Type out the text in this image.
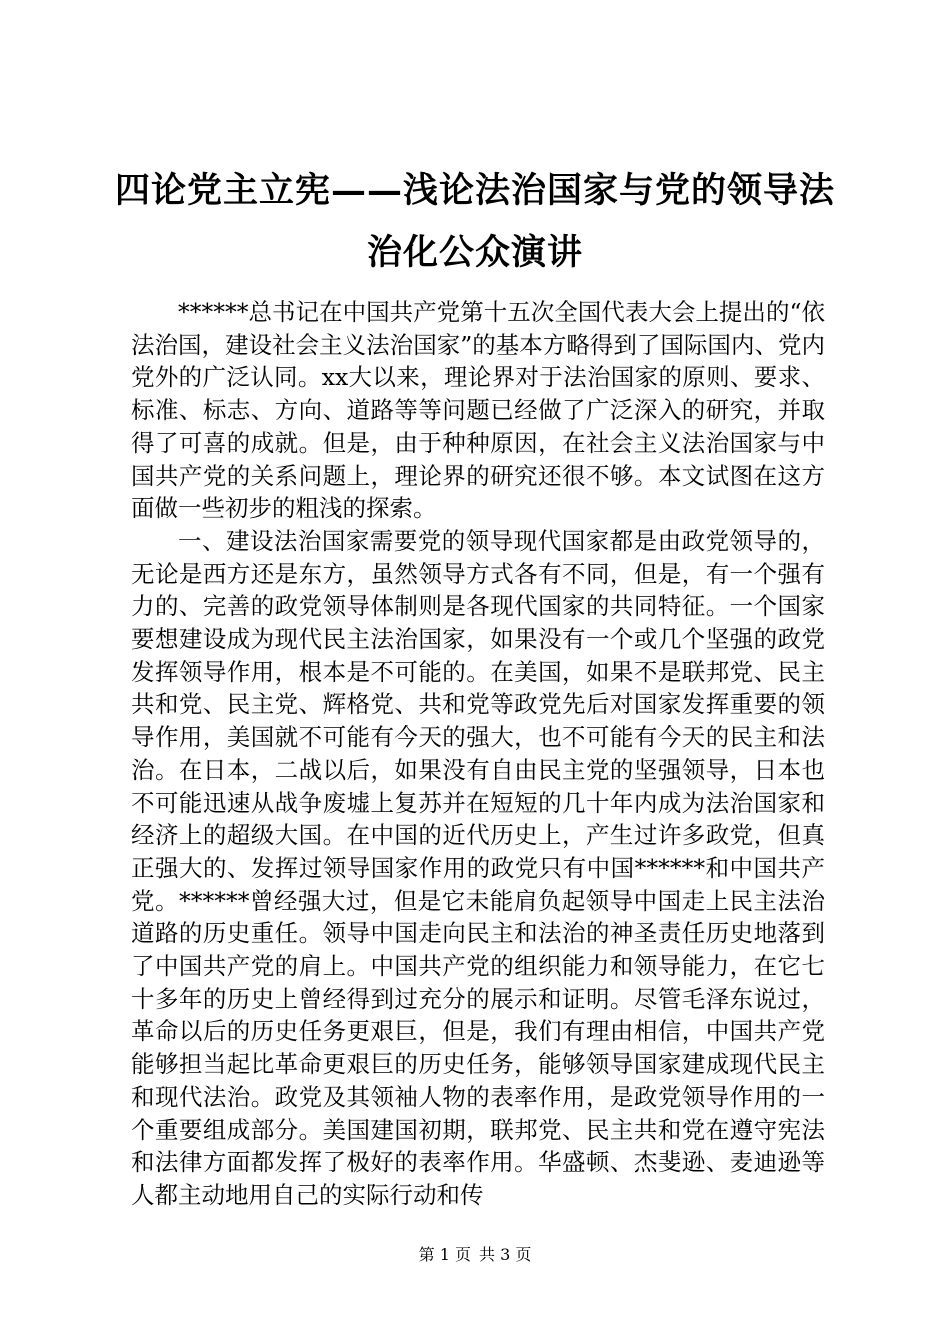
四论党主立宪——浅论法治国家与党的领导法
治化公众演讲

******总书记在中国共产党第十五次全国代表大会上提出的“依法治国，建设社会主义法治国家”的基本方略得到了国际国内、党内党外的广泛认同。xx大以来，理论界对于法治国家的原则、要求、标准、标志、方向、道路等等问题已经做了广泛深入的研究，并取得了可喜的成就。但是，由于种种原因，在社会主义法治国家与中国共产党的关系问题上，理论界的研究还很不够。本文试图在这方面做一些初步的粗浅的探索。

一、建设法治国家需要党的领导现代国家都是由政党领导的，无论是西方还是东方，虽然领导方式各有不同，但是，有一个强有力的、完善的政党领导体制则是各现代国家的共同特征。一个国家要想建设成为现代民主法治国家，如果没有一个或几个坚强的政党发挥领导作用，根本是不可能的。在美国，如果不是联邦党、民主共和党、民主党、辉格党、共和党等政党先后对国家发挥重要的领导作用，美国就不可能有今天的强大，也不可能有今天的民主和法治。在日本，二战以后，如果没有自由民主党的坚强领导，日本也不可能迅速从战争废墟上复苏并在短短的几十年内成为法治国家和经济上的超级大国。在中国的近代历史上，产生过许多政党，但真正强大的、发挥过领导国家作用的政党只有中国******和中国共产党。******曾经强大过，但是它未能肩负起领导中国走上民主法治道路的历史重任。领导中国走向民主和法治的神圣责任历史地落到了中国共产党的肩上。中国共产党的组织能力和领导能力，在它七十多年的历史上曾经得到过充分的展示和证明。尽管毛泽东说过，革命以后的历史任务更艰巨，但是，我们有理由相信，中国共产党能够担当起比革命更艰巨的历史任务，能够领导国家建成现代民主和现代法治。政党及其领袖人物的表率作用，是政党领导作用的一个重要组成部分。美国建国初期，联邦党、民主共和党在遵守宪法和法律方面都发挥了极好的表率作用。华盛顿、杰斐逊、麦迪逊等人都主动地用自己的实际行动和传

第 1 页 共 3 页
